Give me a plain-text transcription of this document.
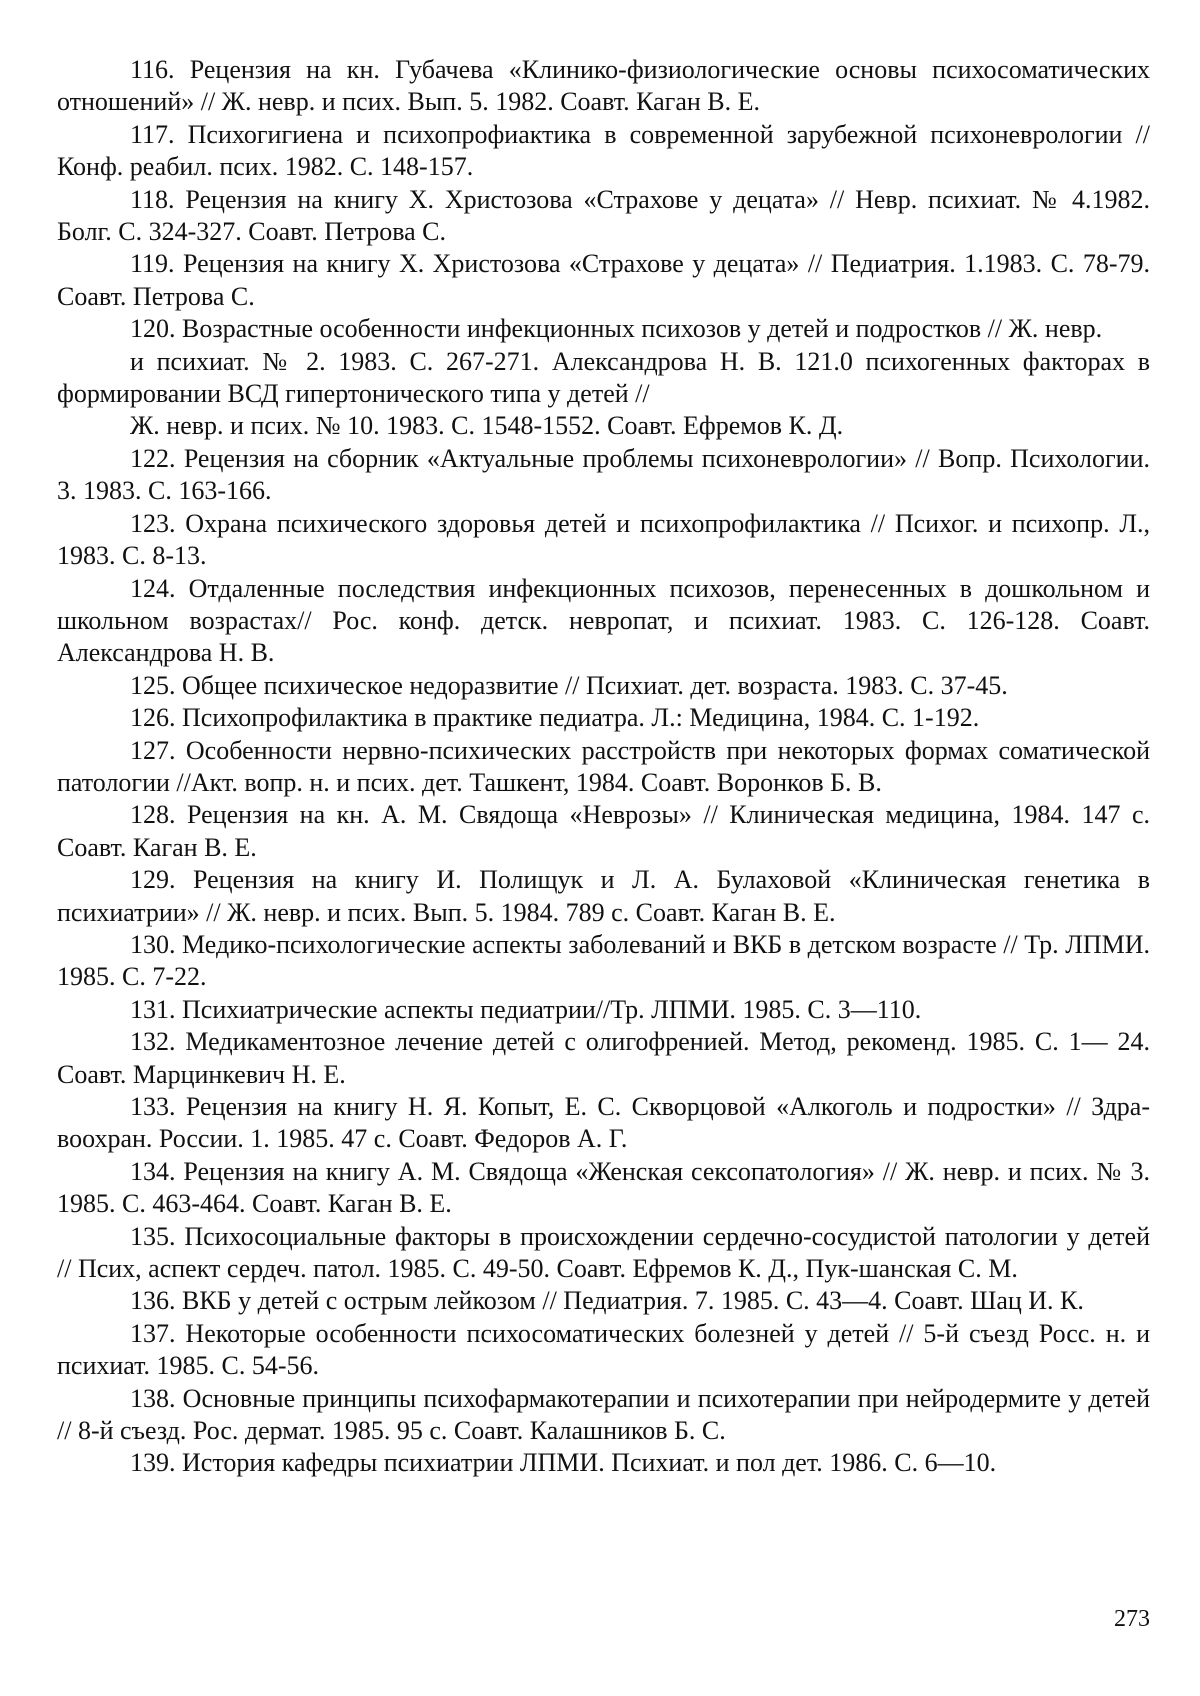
116. Рецензия на кн. Губачева «Клинико-физиологические основы психосоматических отношений» // Ж. невр. и псих. Вып. 5. 1982. Соавт. Каган В. Е.

117. Психогигиена и психопрофиактика в современной зарубежной психоневрологии // Конф. реабил. псих. 1982. С. 148-157.

118. Рецензия на книгу Х. Христозова «Страхове у децата» // Невр. психиат. № 4.1982. Болг. С. 324-327. Соавт. Петрова С.

119. Рецензия на книгу Х. Христозова «Страхове у децата» // Педиатрия. 1.1983. С. 78-79. Соавт. Петрова С.

120. Возрастные особенности инфекционных психозов у детей и подростков // Ж. невр.

и психиат. № 2. 1983. С. 267-271. Александрова Н. В. 121.0 психогенных факторах в формировании ВСД гипертонического типа у детей //

Ж. невр. и псих. № 10. 1983. С. 1548-1552. Соавт. Ефремов К. Д.

122. Рецензия на сборник «Актуальные проблемы психоневрологии» // Вопр. Психологии. 3. 1983. С. 163-166.

123. Охрана психического здоровья детей и психопрофилактика // Психог. и психопр. Л., 1983. С. 8-13.

124. Отдаленные последствия инфекционных психозов, перенесенных в дошкольном и школьном возрастах// Рос. конф. детск. невропат, и психиат. 1983. С. 126-128. Соавт. Александрова Н. В.

125. Общее психическое недоразвитие // Психиат. дет. возраста. 1983. С. 37-45.

126. Психопрофилактика в практике педиатра. Л.: Медицина, 1984. С. 1-192.

127. Особенности нервно-психических расстройств при некоторых формах соматической патологии //Акт. вопр. н. и псих. дет. Ташкент, 1984. Соавт. Воронков Б. В.

128. Рецензия на кн. А. М. Свядоща «Неврозы» // Клиническая медицина, 1984. 147 с. Соавт. Каган В. Е.

129. Рецензия на книгу И. Полищук и Л. А. Булаховой «Клиническая генетика в психиатрии» // Ж. невр. и псих. Вып. 5. 1984. 789 с. Соавт. Каган В. Е.

130. Медико-психологические аспекты заболеваний и ВКБ в детском возрасте // Тр. ЛПМИ. 1985. С. 7-22.

131. Психиатрические аспекты педиатрии//Тр. ЛПМИ. 1985. С. 3—110.

132. Медикаментозное лечение детей с олигофренией. Метод, рекоменд. 1985. С. 1— 24. Соавт. Марцинкевич Н. Е.

133. Рецензия на книгу Н. Я. Копыт, Е. С. Скворцовой «Алкоголь и подростки» // Здра-воохран. России. 1. 1985. 47 с. Соавт. Федоров А. Г.

134. Рецензия на книгу А. М. Свядоща «Женская сексопатология» // Ж. невр. и псих. № 3. 1985. С. 463-464. Соавт. Каган В. Е.

135. Психосоциальные факторы в происхождении сердечно-сосудистой патологии у детей // Псих, аспект сердеч. патол. 1985. С. 49-50. Соавт. Ефремов К. Д., Пук-шанская С. М.

136. ВКБ у детей с острым лейкозом // Педиатрия. 7. 1985. С. 43—4. Соавт. Шац И. К.

137. Некоторые особенности психосоматических болезней у детей // 5-й съезд Росс. н. и психиат. 1985. С. 54-56.

138. Основные принципы психофармакотерапии и психотерапии при нейродермите у детей // 8-й съезд. Рос. дермат. 1985. 95 с. Соавт. Калашников Б. С.

139. История кафедры психиатрии ЛПМИ. Психиат. и пол дет. 1986. С. 6—10.

273
